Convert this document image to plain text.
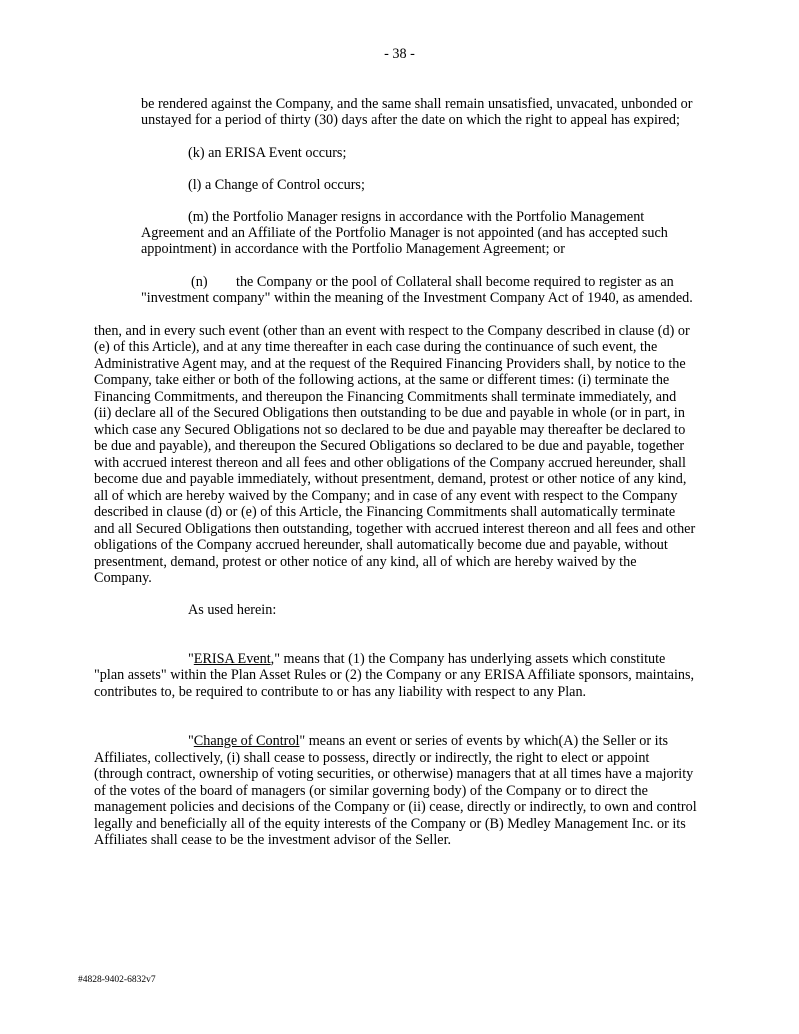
- 38 -
be rendered against the Company, and the same shall remain unsatisfied, unvacated, unbonded or
unstayed for a period of thirty (30) days after the date on which the right to appeal has expired;
(k) an ERISA Event occurs;
(l) a Change of Control occurs;
(m) the Portfolio Manager resigns in accordance with the Portfolio Management
Agreement and an Affiliate of the Portfolio Manager is not appointed (and has accepted such
appointment) in accordance with the Portfolio Management Agreement; or
(n) the Company or the pool of Collateral shall become required to register as an
"investment company" within the meaning of the Investment Company Act of 1940, as amended.
then, and in every such event (other than an event with respect to the Company described in clause (d) or
(e) of this Article), and at any time thereafter in each case during the continuance of such event, the
Administrative Agent may, and at the request of the Required Financing Providers shall, by notice to the
Company, take either or both of the following actions, at the same or different times: (i) terminate the
Financing Commitments, and thereupon the Financing Commitments shall terminate immediately, and
(ii) declare all of the Secured Obligations then outstanding to be due and payable in whole (or in part, in
which case any Secured Obligations not so declared to be due and payable may thereafter be declared to
be due and payable), and thereupon the Secured Obligations so declared to be due and payable, together
with accrued interest thereon and all fees and other obligations of the Company accrued hereunder, shall
become due and payable immediately, without presentment, demand, protest or other notice of any kind,
all of which are hereby waived by the Company; and in case of any event with respect to the Company
described in clause (d) or (e) of this Article, the Financing Commitments shall automatically terminate
and all Secured Obligations then outstanding, together with accrued interest thereon and all fees and other
obligations of the Company accrued hereunder, shall automatically become due and payable, without
presentment, demand, protest or other notice of any kind, all of which are hereby waived by the
Company.
As used herein:
"ERISA Event," means that (1) the Company has underlying assets which constitute
"plan assets" within the Plan Asset Rules or (2) the Company or any ERISA Affiliate sponsors, maintains,
contributes to, be required to contribute to or has any liability with respect to any Plan.
"Change of Control" means an event or series of events by which(A) the Seller or its
Affiliates, collectively, (i) shall cease to possess, directly or indirectly, the right to elect or appoint
(through contract, ownership of voting securities, or otherwise) managers that at all times have a majority
of the votes of the board of managers (or similar governing body) of the Company or to direct the
management policies and decisions of the Company or (ii) cease, directly or indirectly, to own and control
legally and beneficially all of the equity interests of the Company or (B) Medley Management Inc. or its
Affiliates shall cease to be the investment advisor of the Seller.
#4828-9402-6832v7
